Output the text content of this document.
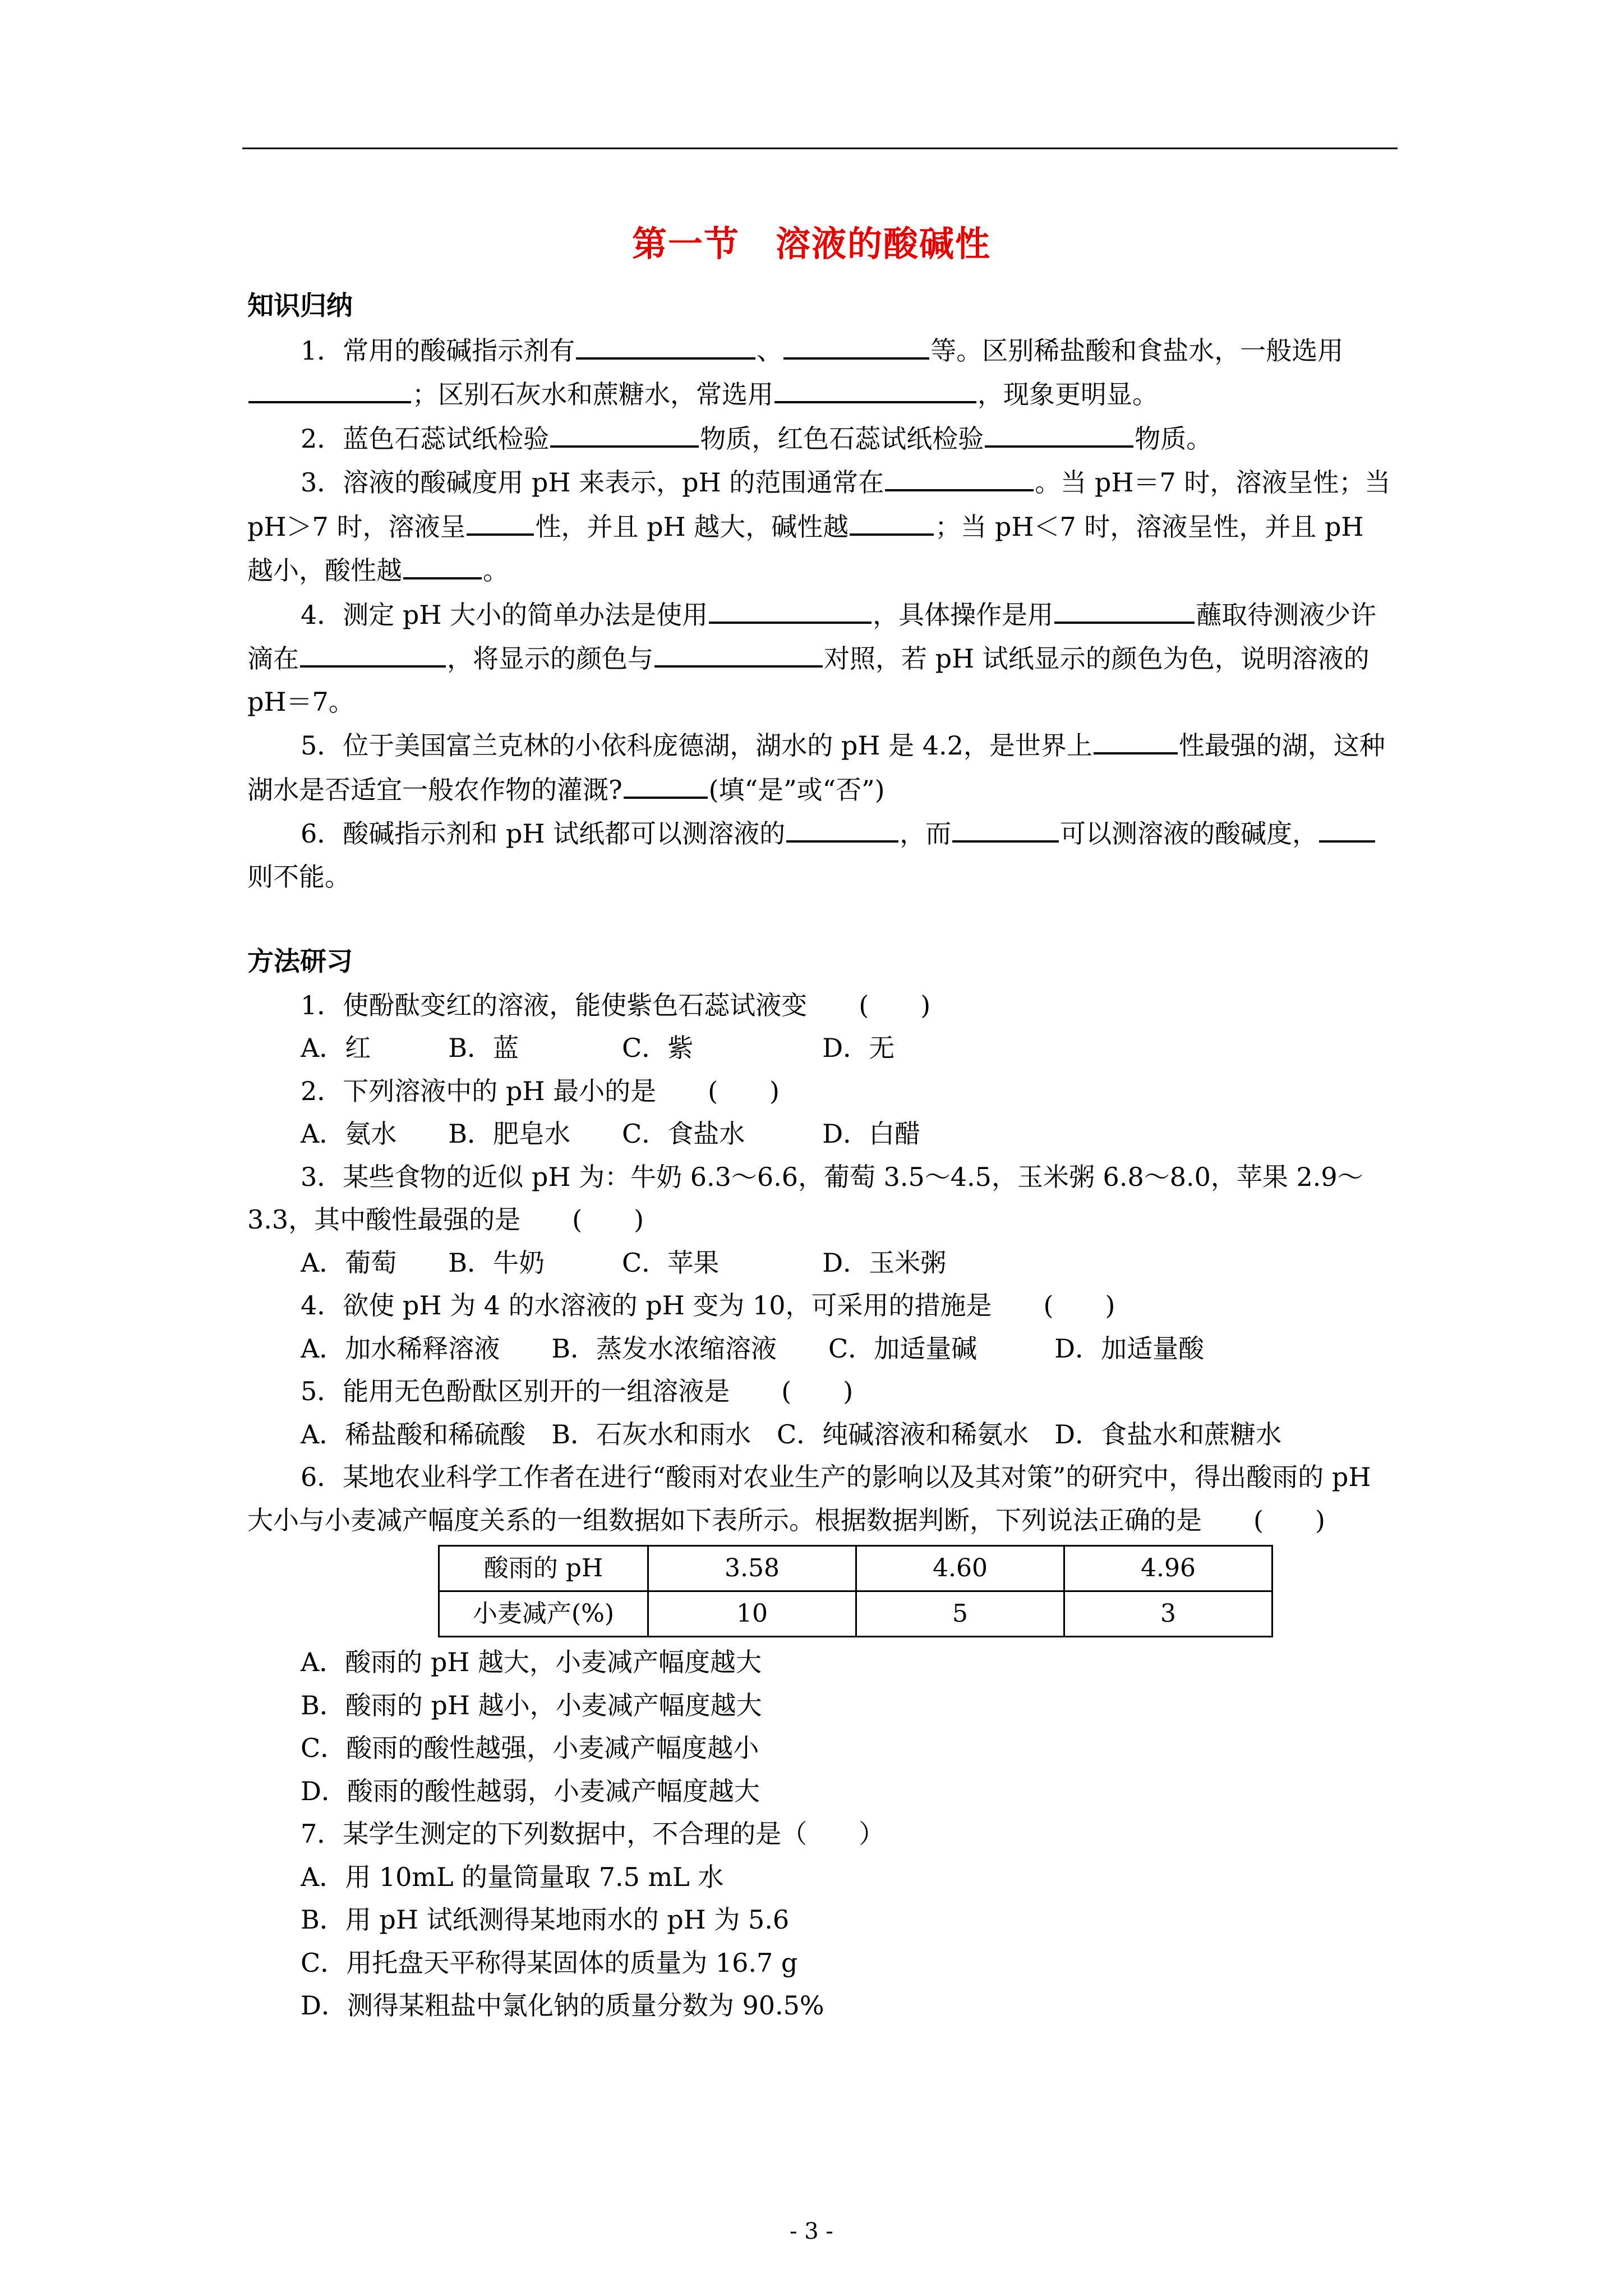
第一节　溶液的酸碱性

知识归纳

1．常用的酸碱指示剂有	、	等。区别稀盐酸和食盐水，一般选用；区别石灰水和蔗糖水，常选用	，现象更明显。

2．蓝色石蕊试纸检验	物质，红色石蕊试纸检验	物质。

3．溶液的酸碱度用 pH 来表示，pH 的范围通常在	。当 pH＝7 时，溶液呈性；当 pH＞7 时，溶液呈	性，并且 pH 越大，碱性越	；当 pH＜7 时，溶液呈性，并且 pH 越小，酸性越	。

4．测定 pH 大小的简单办法是使用	，具体操作是用	蘸取待测液少许滴在	，将显示的颜色与	对照，若 pH 试纸显示的颜色为色，说明溶液的 pH＝7。

5．位于美国富兰克林的小依科庞德湖，湖水的 pH 是 4.2，是世界上	性最强的湖，这种湖水是否适宜一般农作物的灌溉?	(填“是”或“否”)

6．酸碱指示剂和 pH 试纸都可以测溶液的	，而	可以测溶液的酸碱度，则不能。

方法研习

1．使酚酞变红的溶液，能使紫色石蕊试液变　　(　　)

A．红　　　B．蓝　　　　C．紫　　　　　D．无

2．下列溶液中的 pH 最小的是　　(　　)

A．氨水　　B．肥皂水　　C．食盐水　　　D．白醋

3．某些食物的近似 pH 为：牛奶 6.3～6.6，葡萄 3.5～4.5，玉米粥 6.8～8.0，苹果 2.9～3.3，其中酸性最强的是　　(　　)

A．葡萄　　B．牛奶　　　C．苹果　　　　D．玉米粥

4．欲使 pH 为 4 的水溶液的 pH 变为 10，可采用的措施是　　(　　)

A．加水稀释溶液　　B．蒸发水浓缩溶液　　C．加适量碱　　　D．加适量酸

5．能用无色酚酞区别开的一组溶液是　　(　　)

A．稀盐酸和稀硫酸　B．石灰水和雨水　C．纯碱溶液和稀氨水　D．食盐水和蔗糖水

6．某地农业科学工作者在进行“酸雨对农业生产的影响以及其对策”的研究中，得出酸雨的 pH 大小与小麦减产幅度关系的一组数据如下表所示。根据数据判断，下列说法正确的是　　(　　)

酸雨的 pH	3.58	4.60	4.96
小麦减产(%)	10	5	3

A．酸雨的 pH 越大，小麦减产幅度越大

B．酸雨的 pH 越小，小麦减产幅度越大

C．酸雨的酸性越强，小麦减产幅度越小

D．酸雨的酸性越弱，小麦减产幅度越大

7．某学生测定的下列数据中，不合理的是（　　）

A．用 10mL 的量筒量取 7.5 mL 水

B．用 pH 试纸测得某地雨水的 pH 为 5.6

C．用托盘天平称得某固体的质量为 16.7 g

D．测得某粗盐中氯化钠的质量分数为 90.5%

- 3 -
